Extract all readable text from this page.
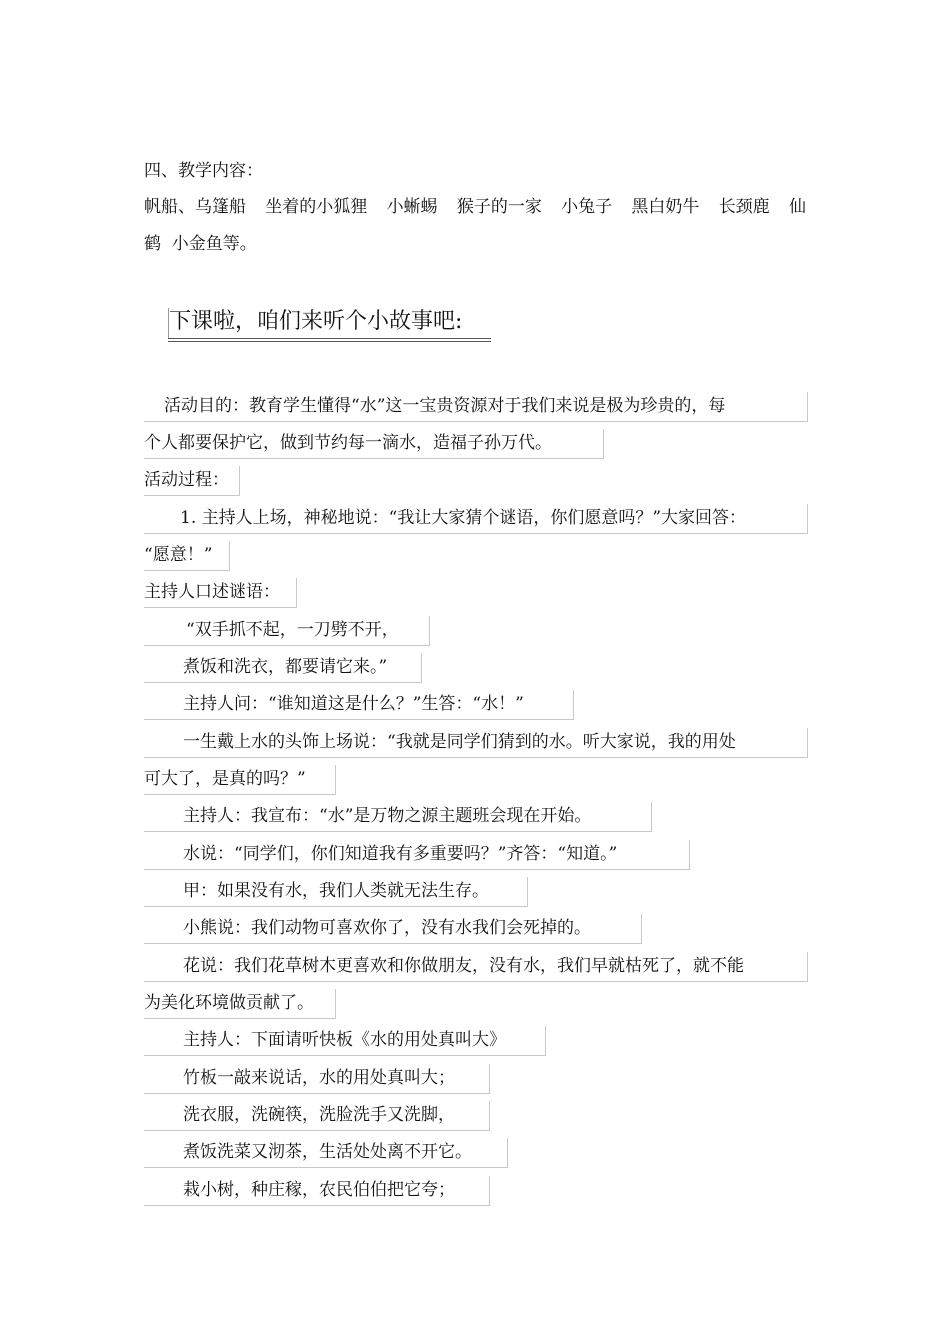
四、教学内容：
帆船、乌篷船 坐着的小狐狸 小蜥蜴 猴子的一家 小兔子 黑白奶牛 长颈鹿 仙
鹤  小金鱼等。
下课啦，咱们来听个小故事吧:
活动目的：教育学生懂得“水”这一宝贵资源对于我们来说是极为珍贵的，每
个人都要保护它，做到节约每一滴水，造福子孙万代。
活动过程：
1. 主持人上场，神秘地说：“我让大家猜个谜语，你们愿意吗？”大家回答：
“愿意！”
主持人口述谜语：
“双手抓不起，一刀劈不开，
煮饭和洗衣，都要请它来。”
主持人问：“谁知道这是什么？”生答：“水！”
一生戴上水的头饰上场说：“我就是同学们猜到的水。听大家说，我的用处
可大了，是真的吗？”
主持人：我宣布：“水”是万物之源主题班会现在开始。
水说：“同学们，你们知道我有多重要吗？”齐答：“知道。”
甲：如果没有水，我们人类就无法生存。
小熊说：我们动物可喜欢你了，没有水我们会死掉的。
花说：我们花草树木更喜欢和你做朋友，没有水，我们早就枯死了，就不能
为美化环境做贡献了。
主持人：下面请听快板《水的用处真叫大》
竹板一敲来说话，水的用处真叫大；
洗衣服，洗碗筷，洗脸洗手又洗脚，
煮饭洗菜又沏茶，生活处处离不开它。
栽小树，种庄稼，农民伯伯把它夸；
